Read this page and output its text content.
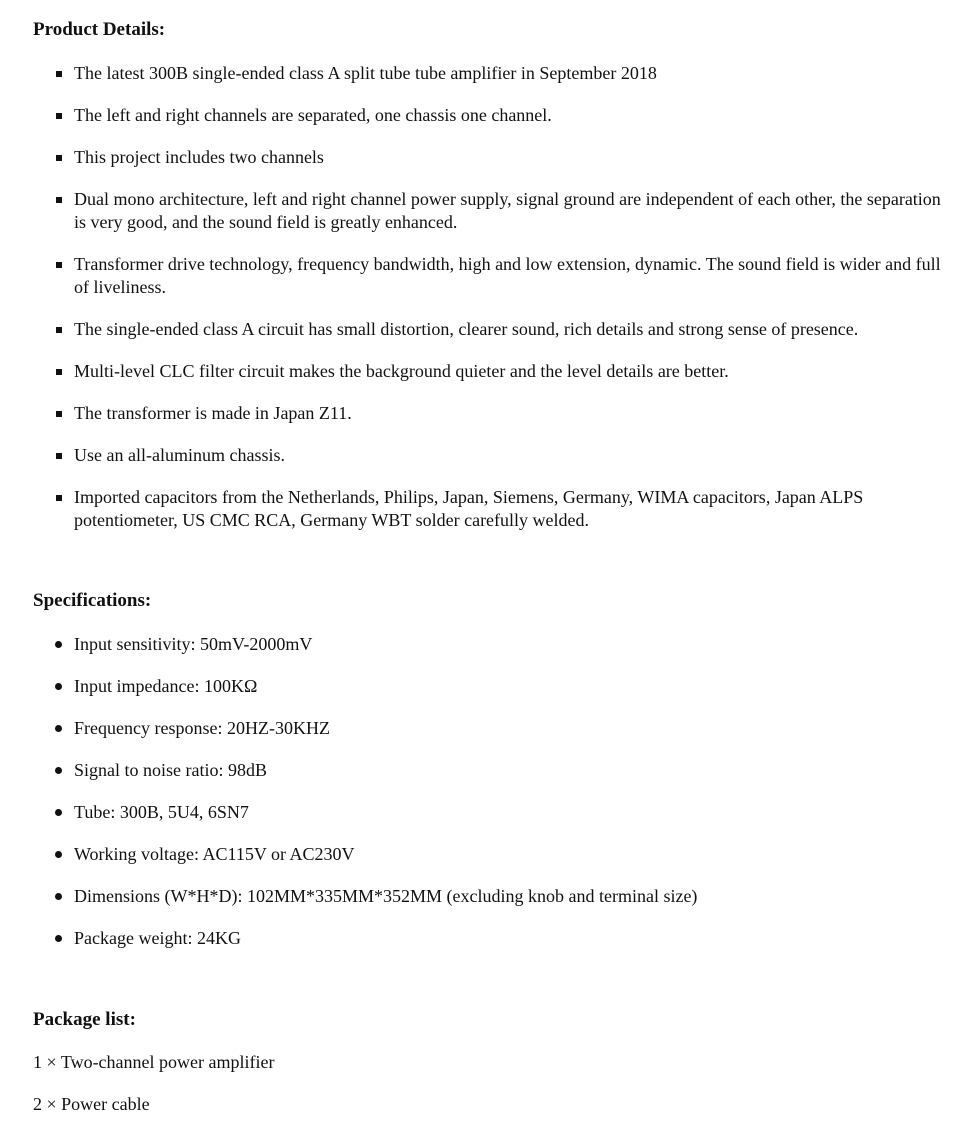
Product Details:
The latest 300B single-ended class A split tube tube amplifier in September 2018
The left and right channels are separated, one chassis one channel.
This project includes two channels
Dual mono architecture, left and right channel power supply, signal ground are independent of each other, the separation is very good, and the sound field is greatly enhanced.
Transformer drive technology, frequency bandwidth, high and low extension, dynamic. The sound field is wider and full of liveliness.
The single-ended class A circuit has small distortion, clearer sound, rich details and strong sense of presence.
Multi-level CLC filter circuit makes the background quieter and the level details are better.
The transformer is made in Japan Z11.
Use an all-aluminum chassis.
Imported capacitors from the Netherlands, Philips, Japan, Siemens, Germany, WIMA capacitors, Japan ALPS potentiometer, US CMC RCA, Germany WBT solder carefully welded.
Specifications:
Input sensitivity: 50mV-2000mV
Input impedance: 100KΩ
Frequency response: 20HZ-30KHZ
Signal to noise ratio: 98dB
Tube: 300B, 5U4, 6SN7
Working voltage: AC115V or AC230V
Dimensions (W*H*D): 102MM*335MM*352MM (excluding knob and terminal size)
Package weight: 24KG
Package list:

1 × Two-channel power amplifier

2 × Power cable
